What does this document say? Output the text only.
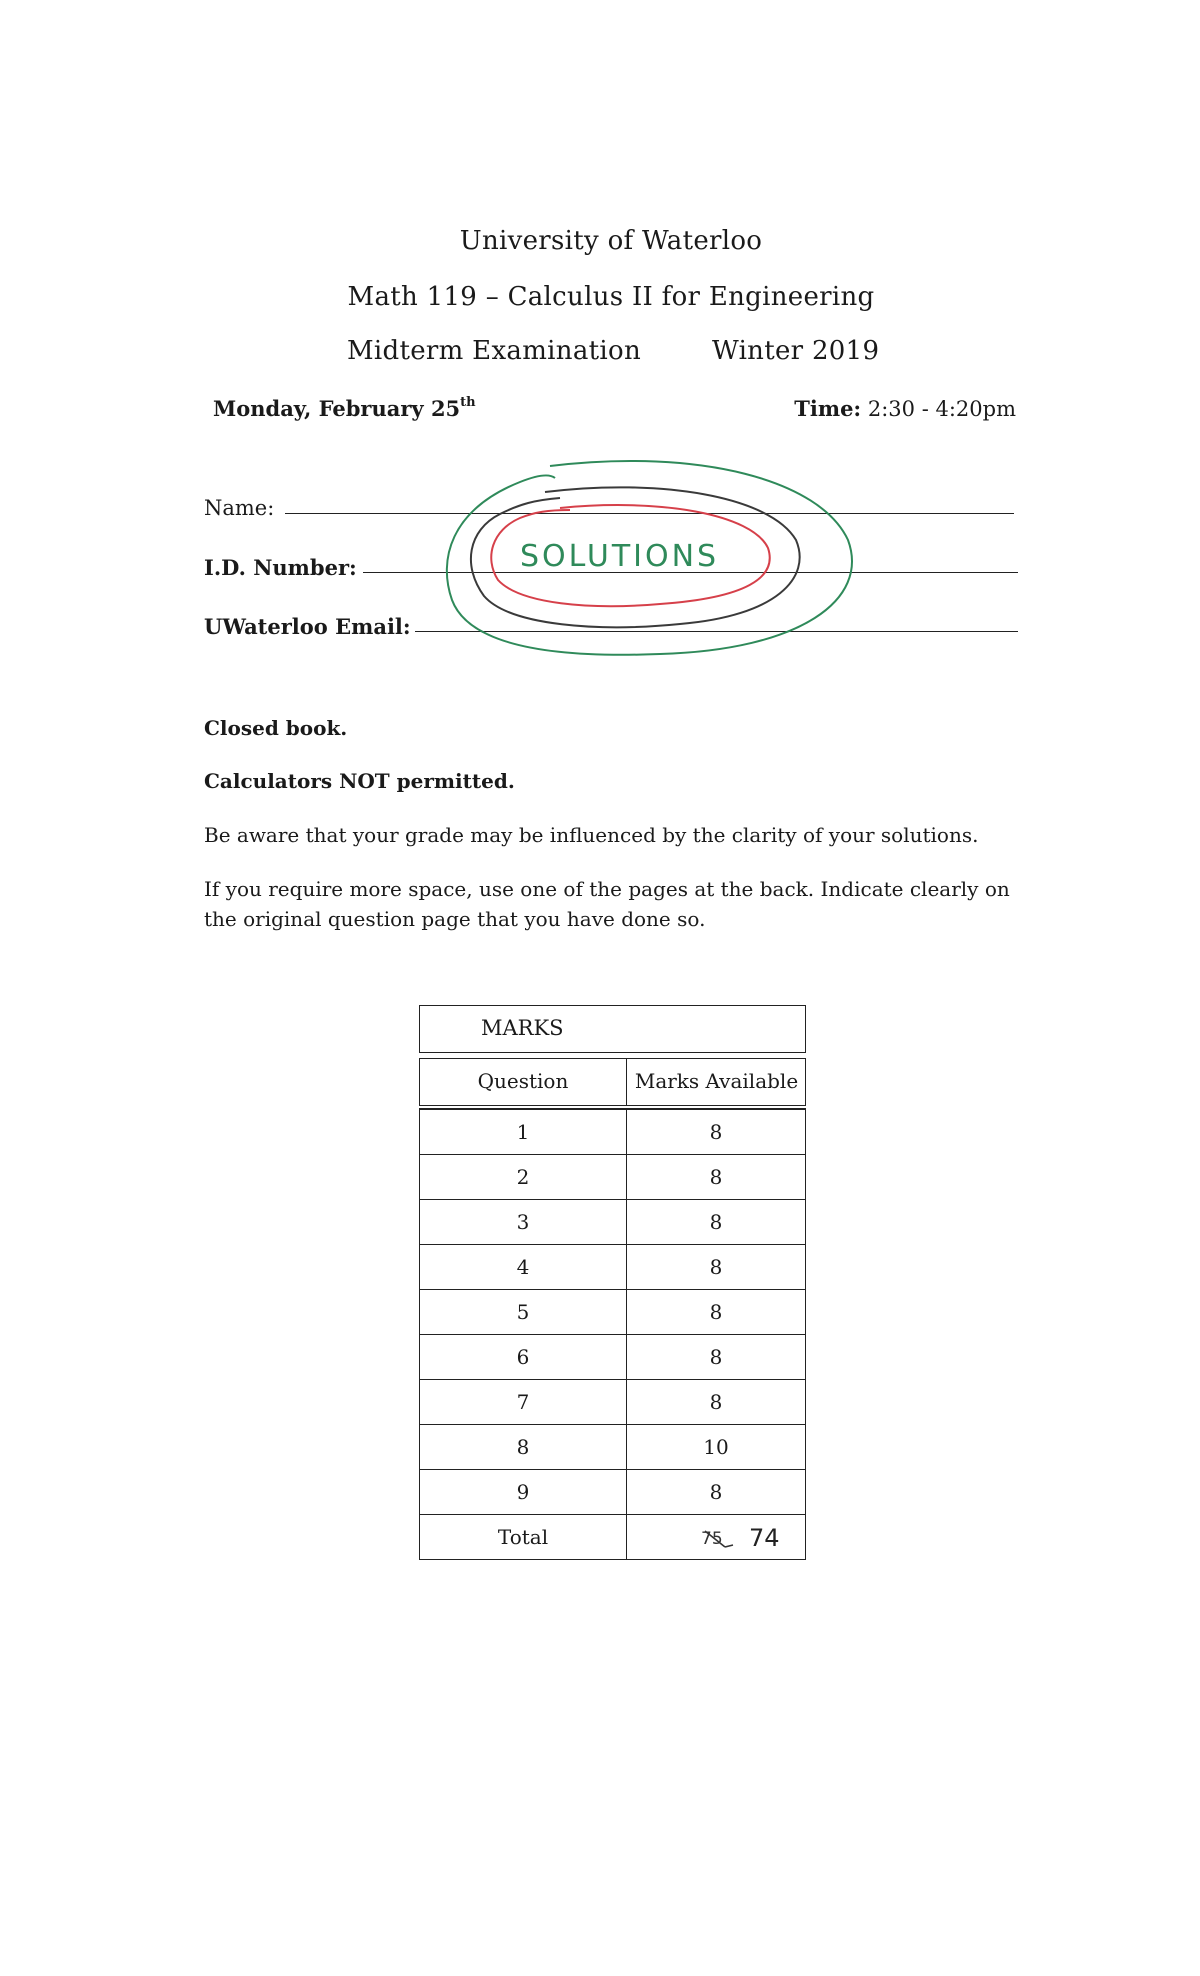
University of Waterloo
Math 119 – Calculus II for Engineering
Midterm Examination	Winter 2019
Monday, February 25th	Time: 2:30 - 4:20pm
Name:
I.D. Number:
UWaterloo Email:
SOLUTIONS
Closed book.
Calculators NOT permitted.
Be aware that your grade may be influenced by the clarity of your solutions.
If you require more space, use one of the pages at the back. Indicate clearly on the original question page that you have done so.
MARKS
Question	Marks Available
1	8
2	8
3	8
4	8
5	8
6	8
7	8
8	10
9	8
Total	75 74
